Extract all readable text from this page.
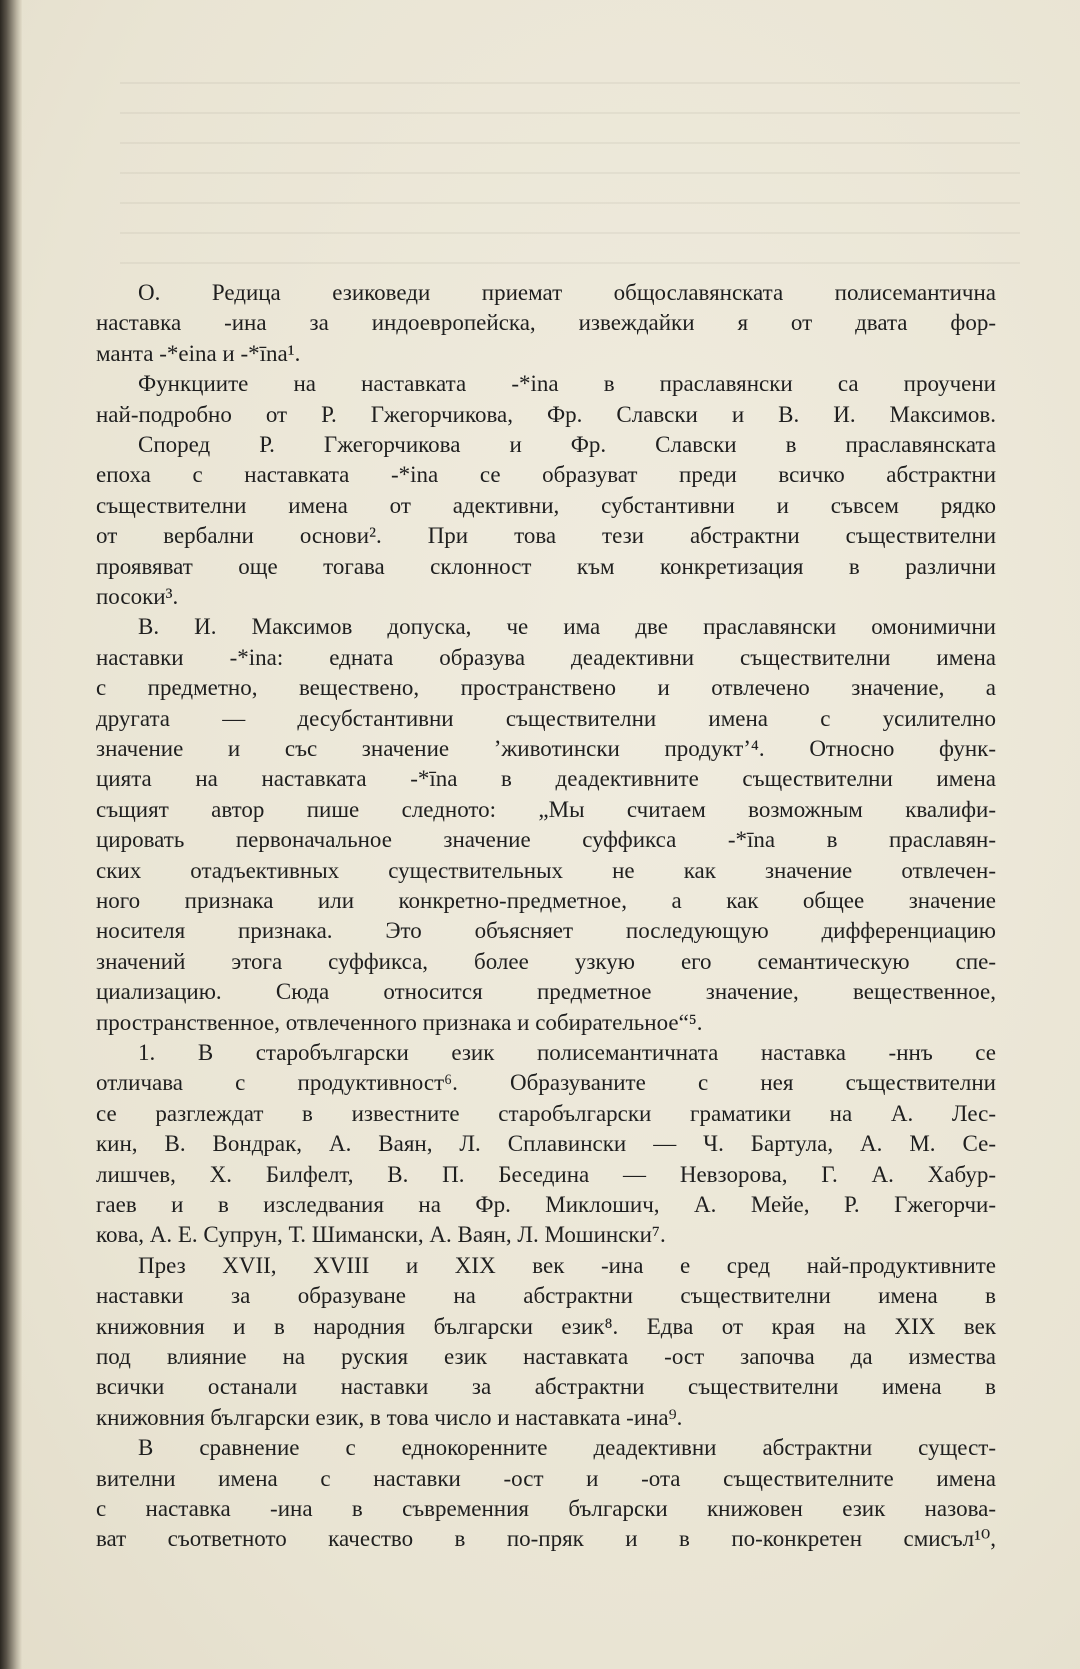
О. Редица езиковеди приемат общославянската полисемантична
наставка -ина за индоевропейска, извеждайки я от двата фор-
манта -*eina и -*īna¹.
Функциите на наставката -*ina в праславянски са проучени
най-подробно от Р. Гжегорчикова, Фр. Славски и В. И. Максимов.
Според Р. Гжегорчикова и Фр. Славски в праславянската
епоха с наставката -*ina се образуват преди всичко абстрактни
съществителни имена от адективни, субстантивни и съвсем рядко
от вербални основи². При това тези абстрактни съществителни
проявяват още тогава склонност към конкретизация в различни
посоки³.
В. И. Максимов допуска, че има две праславянски омонимични
наставки -*ina: едната образува деадективни съществителни имена
с предметно, веществено, пространствено и отвлечено значение, а
другата — десубстантивни съществителни имена с усилително
значение и със значение ’животински продукт’⁴. Относно функ-
цията на наставката -*īna в деадективните съществителни имена
същият автор пише следното: „Мы считаем возможным квалифи-
цировать первоначальное значение суффикса -*īna в праславян-
ских отадъективных существительных не как значение отвлечен-
ного признака или конкретно-предметное, а как общее значение
носителя признака. Это объясняет последующую дифференциацию
значений этога суффикса, более узкую его семантическую спе-
циализацию. Сюда относится предметное значение, вещественное,
пространственное, отвлеченного признака и собирательное“⁵.
1. В старобългарски език полисемантичната наставка -ннъ се
отличава с продуктивност⁶. Образуваните с нея съществителни
се разглеждат в известните старобългарски граматики на А. Лес-
кин, В. Вондрак, А. Ваян, Л. Сплавински — Ч. Бартула, А. М. Се-
лишчев, Х. Билфелт, В. П. Беседина — Невзорова, Г. А. Хабур-
гаев и в изследвания на Фр. Миклошич, А. Мейе, Р. Гжегорчи-
кова, А. Е. Супрун, Т. Шимански, А. Ваян, Л. Мошински⁷.
През XVII, XVIII и XIX век -ина е сред най-продуктивните
наставки за образуване на абстрактни съществителни имена в
книжовния и в народния български език⁸. Едва от края на XIX век
под влияние на руския език наставката -ост започва да измества
всички останали наставки за абстрактни съществителни имена в
книжовния български език, в това число и наставката -ина⁹.
В сравнение с еднокоренните деадективни абстрактни сущест-
вителни имена с наставки -ост и -ота съществителните имена
с наставка -ина в съвременния български книжовен език назова-
ват съответното качество в по-пряк и в по-конкретен смисъл¹⁰,
